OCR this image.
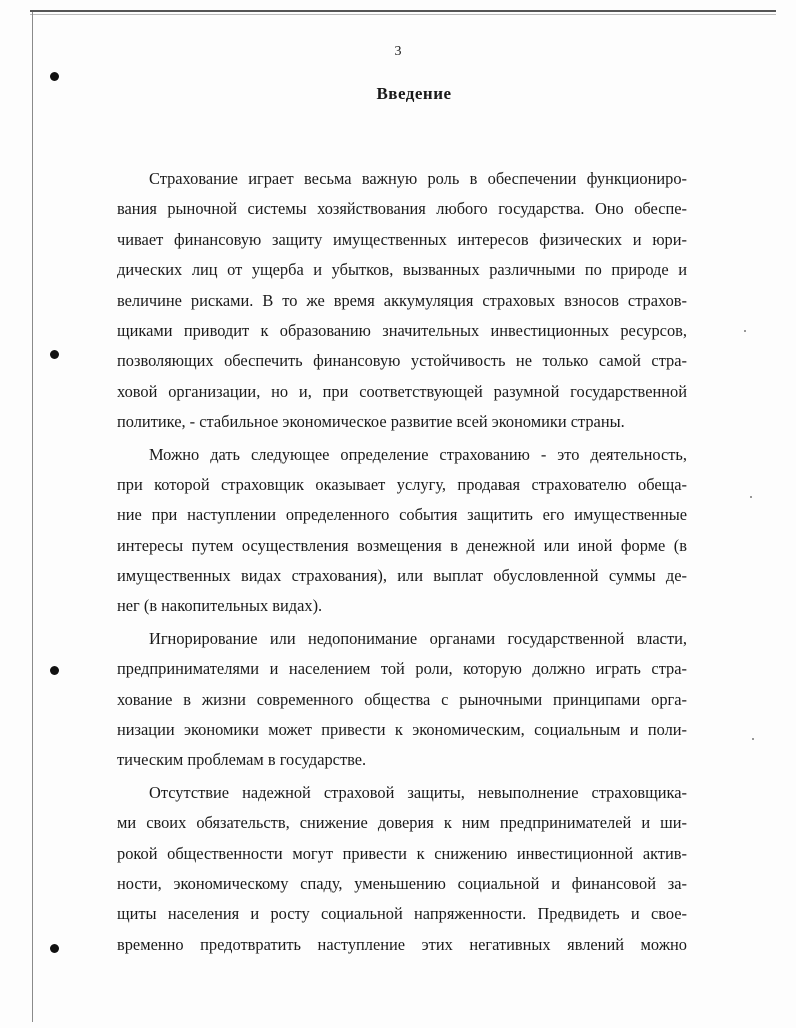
3
Введение
Страхование играет весьма важную роль в обеспечении функциониро-
вания рыночной системы хозяйствования любого государства. Оно обеспе-
чивает финансовую защиту имущественных интересов физических и юри-
дических лиц от ущерба и убытков, вызванных различными по природе и
величине рисками. В то же время аккумуляция страховых взносов страхов-
щиками приводит к образованию значительных инвестиционных ресурсов,
позволяющих обеспечить финансовую устойчивость не только самой стра-
ховой организации, но и, при соответствующей разумной государственной
политике, - стабильное экономическое развитие всей экономики страны.
Можно дать следующее определение страхованию - это деятельность,
при которой страховщик оказывает услугу, продавая страхователю обеща-
ние при наступлении определенного события защитить его имущественные
интересы путем осуществления возмещения в денежной или иной форме (в
имущественных видах страхования), или выплат обусловленной суммы де-
нег (в накопительных видах).
Игнорирование или недопонимание органами государственной власти,
предпринимателями и населением той роли, которую должно играть стра-
хование в жизни современного общества с рыночными принципами орга-
низации экономики может привести к экономическим, социальным и поли-
тическим проблемам в государстве.
Отсутствие надежной страховой защиты, невыполнение страховщика-
ми своих обязательств, снижение доверия к ним предпринимателей и ши-
рокой общественности могут привести к снижению инвестиционной актив-
ности, экономическому спаду, уменьшению социальной и финансовой за-
щиты населения и росту социальной напряженности. Предвидеть и свое-
временно предотвратить наступление этих негативных явлений можно
